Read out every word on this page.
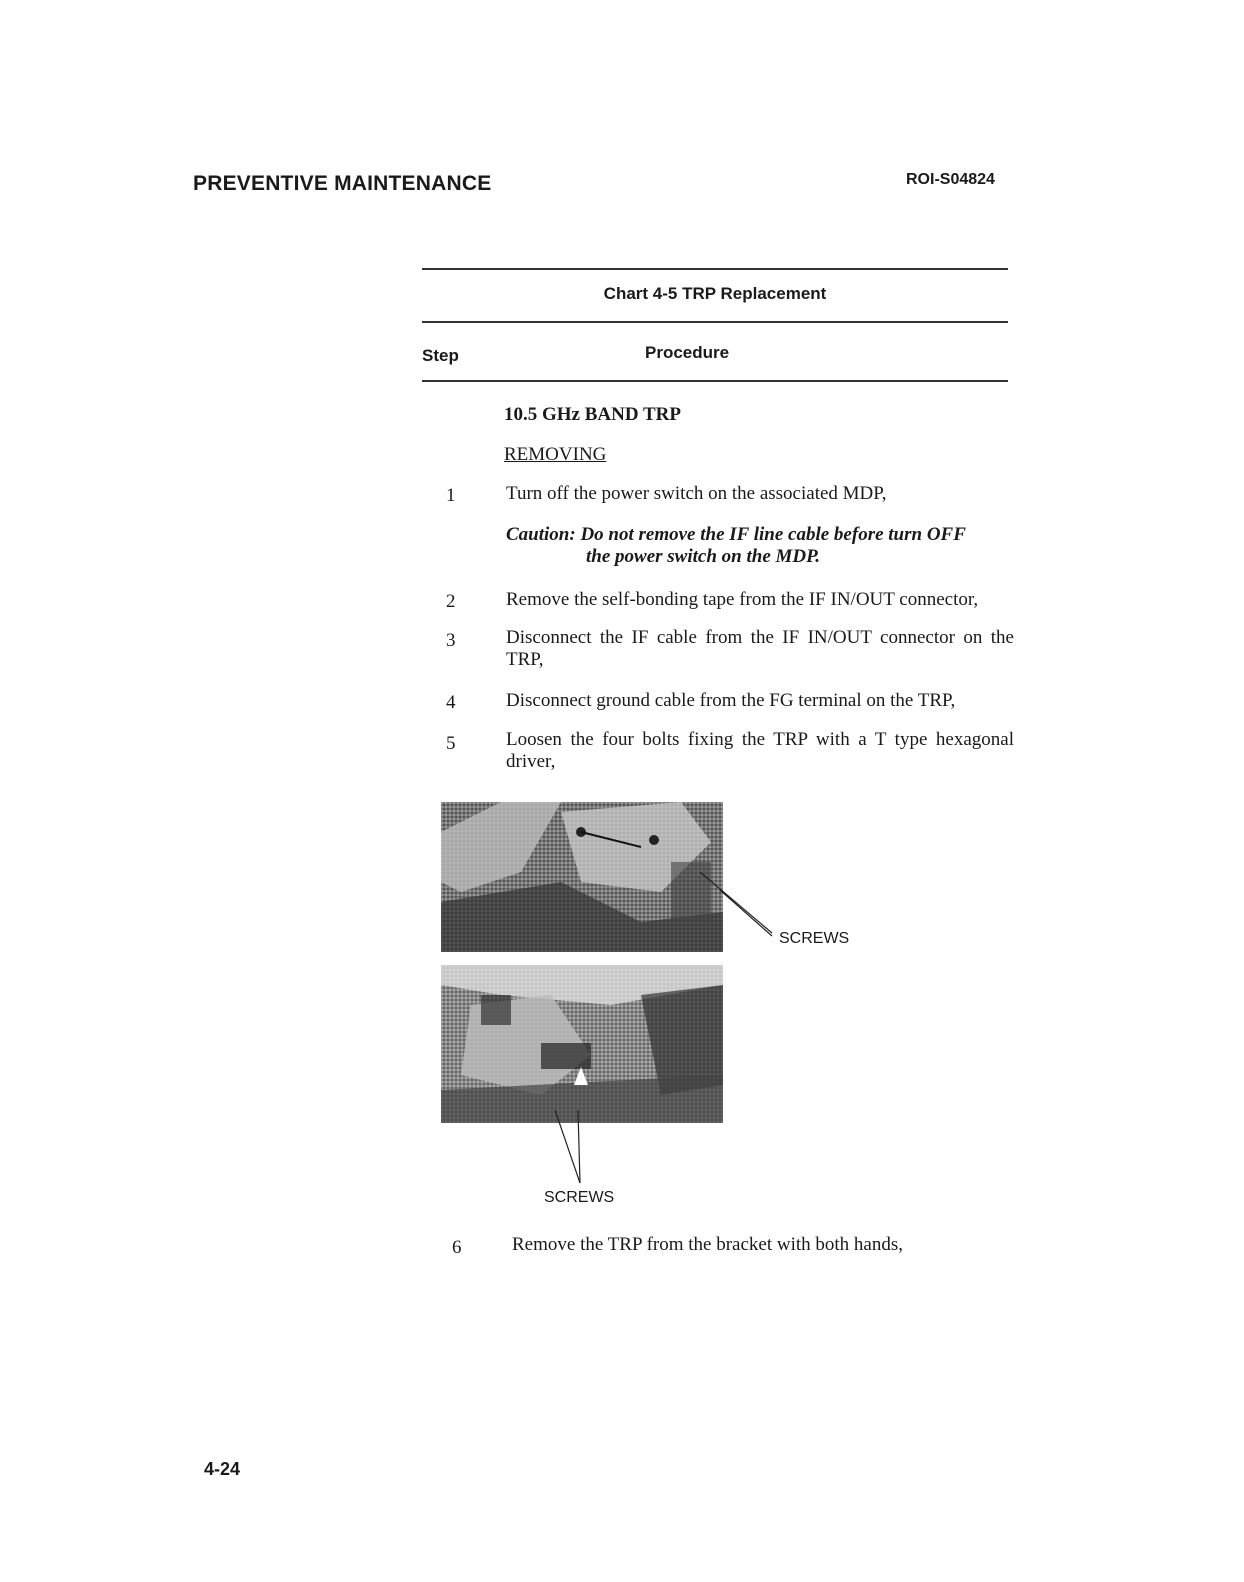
PREVENTIVE MAINTENANCE	ROI-S04824
Chart 4-5 TRP Replacement
Step	Procedure
10.5 GHz BAND TRP
REMOVING
1	Turn off the power switch on the associated MDP,
Caution: Do not remove the IF line cable before turn OFF
the power switch on the MDP.
2	Remove the self-bonding tape from the IF IN/OUT connector,
3	Disconnect the IF cable from the IF IN/OUT connector on the TRP,
4	Disconnect ground cable from the FG terminal on the TRP,
5	Loosen the four bolts fixing the TRP with a T type hexagonal driver,
SCREWS
SCREWS
6	Remove the TRP from the bracket with both hands,
4-24
